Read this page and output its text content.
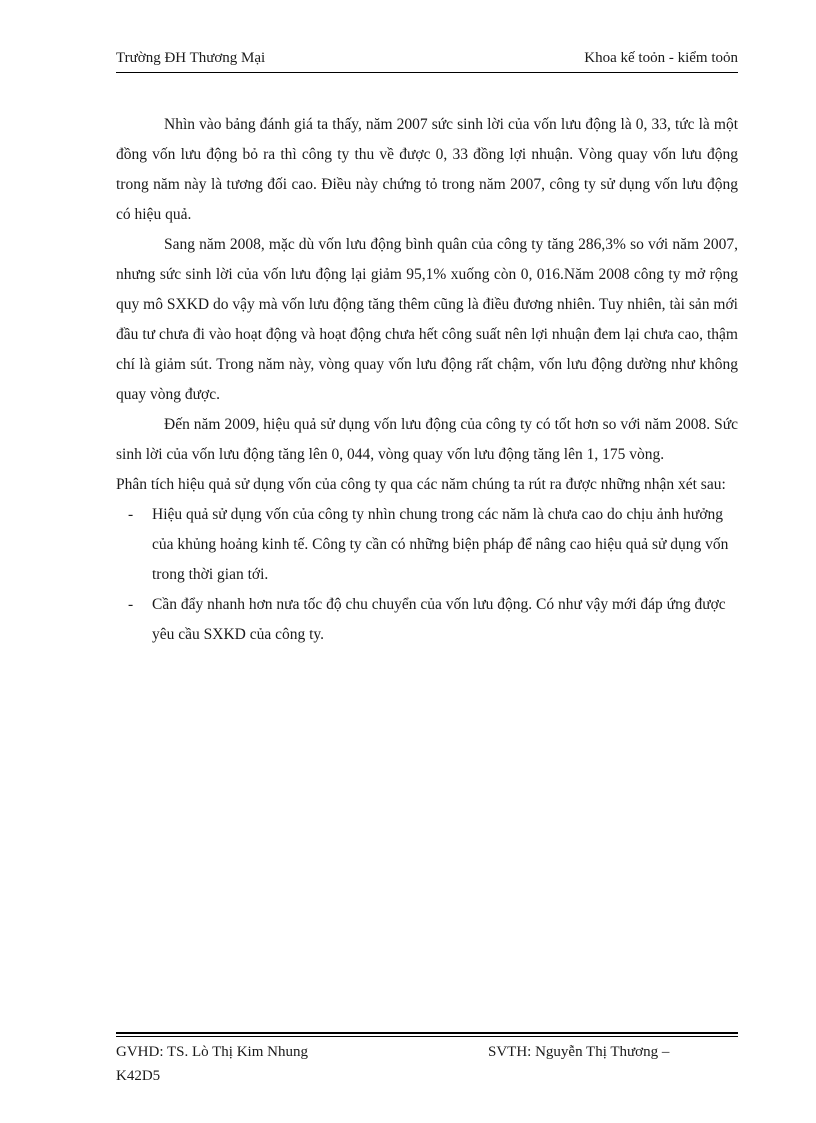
Trường ĐH Thương Mại	Khoa kế toỏn - kiểm toỏn

Nhìn vào bảng đánh giá ta thấy, năm 2007 sức sinh lời của vốn lưu động là 0, 33, tức là một đồng vốn lưu động bỏ ra thì công ty thu về được 0, 33 đồng lợi nhuận. Vòng quay vốn lưu động trong năm này là tương đối cao. Điều này chứng tỏ trong năm 2007, công ty sử dụng vốn lưu động có hiệu quả.

Sang năm 2008, mặc dù vốn lưu động bình quân của công ty tăng 286,3% so với năm 2007, nhưng sức sinh lời của vốn lưu động lại giảm 95,1% xuống còn 0, 016.Năm 2008 công ty mở rộng quy mô SXKD do vậy mà vốn lưu động tăng thêm cũng là điều đương nhiên. Tuy nhiên, tài sản mới đầu tư chưa đi vào hoạt động và hoạt động chưa hết công suất nên lợi nhuận đem lại chưa cao, thậm chí là giảm sút. Trong năm này, vòng quay vốn lưu động rất chậm, vốn lưu động dường như không quay vòng được.

Đến năm 2009, hiệu quả sử dụng vốn lưu động của công ty có tốt hơn so với năm 2008. Sức sinh lời của vốn lưu động tăng lên 0, 044, vòng quay vốn lưu động tăng lên 1, 175 vòng.

Phân tích hiệu quả sử dụng vốn của công ty qua các năm chúng ta rút ra được những nhận xét sau:

- Hiệu quả sử dụng vốn của công ty nhìn chung trong các năm là chưa cao do chịu ảnh hưởng của khủng hoảng kinh tế. Công ty cần có những biện pháp để nâng cao hiệu quả sử dụng vốn trong thời gian tới.
- Cần đẩy nhanh hơn nưa tốc độ chu chuyển của vốn lưu động. Có như vậy mới đáp ứng được yêu cầu SXKD của công ty.
GVHD: TS. Lò Thị Kim Nhung	SVTH: Nguyễn Thị Thương –
K42D5
